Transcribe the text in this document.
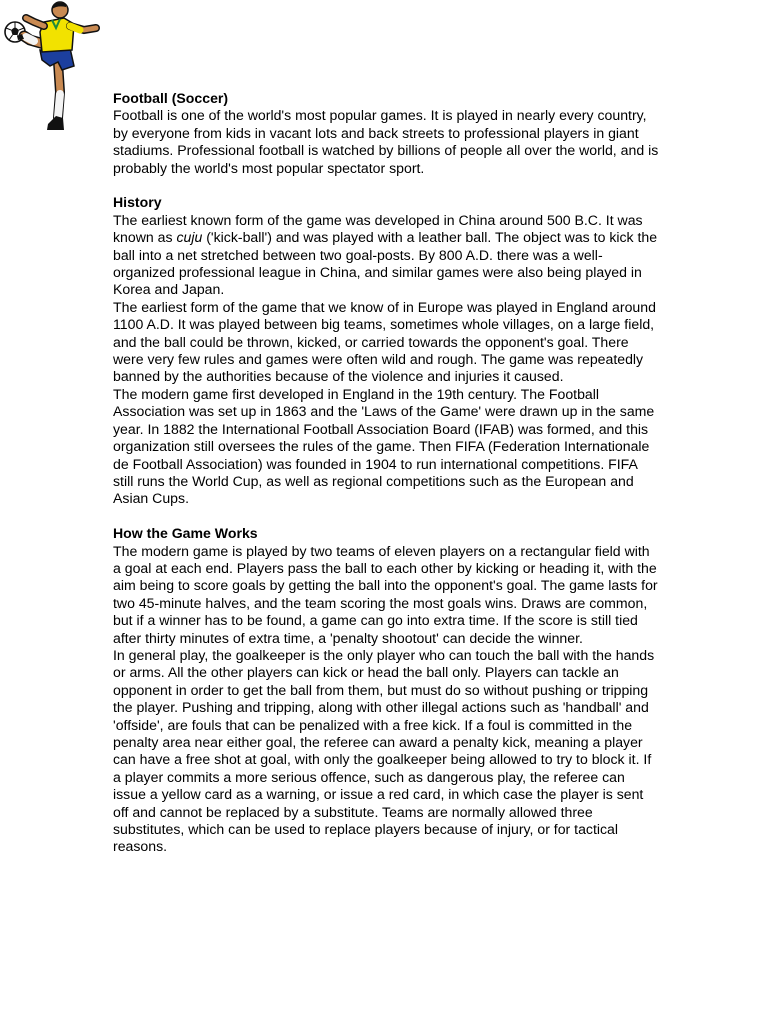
Football (Soccer)

Football is one of the world's most popular games. It is played in nearly every country, by everyone from kids in vacant lots and back streets to professional players in giant stadiums. Professional football is watched by billions of people all over the world, and is probably the world's most popular spectator sport.

History

The earliest known form of the game was developed in China around 500 B.C. It was known as cuju ('kick-ball') and was played with a leather ball. The object was to kick the ball into a net stretched between two goal-posts. By 800 A.D. there was a well-organized professional league in China, and similar games were also being played in Korea and Japan.

The earliest form of the game that we know of in Europe was played in England around 1100 A.D. It was played between big teams, sometimes whole villages, on a large field, and the ball could be thrown, kicked, or carried towards the opponent's goal. There were very few rules and games were often wild and rough. The game was repeatedly banned by the authorities because of the violence and injuries it caused.

The modern game first developed in England in the 19th century. The Football Association was set up in 1863 and the 'Laws of the Game' were drawn up in the same year. In 1882 the International Football Association Board (IFAB) was formed, and this organization still oversees the rules of the game. Then FIFA (Federation Internationale de Football Association) was founded in 1904 to run international competitions. FIFA still runs the World Cup, as well as regional competitions such as the European and Asian Cups.

How the Game Works

The modern game is played by two teams of eleven players on a rectangular field with a goal at each end. Players pass the ball to each other by kicking or heading it, with the aim being to score goals by getting the ball into the opponent's goal. The game lasts for two 45-minute halves, and the team scoring the most goals wins. Draws are common, but if a winner has to be found, a game can go into extra time. If the score is still tied after thirty minutes of extra time, a 'penalty shootout' can decide the winner.

In general play, the goalkeeper is the only player who can touch the ball with the hands or arms. All the other players can kick or head the ball only. Players can tackle an opponent in order to get the ball from them, but must do so without pushing or tripping the player. Pushing and tripping, along with other illegal actions such as 'handball' and 'offside', are fouls that can be penalized with a free kick. If a foul is committed in the penalty area near either goal, the referee can award a penalty kick, meaning a player can have a free shot at goal, with only the goalkeeper being allowed to try to block it. If a player commits a more serious offence, such as dangerous play, the referee can issue a yellow card as a warning, or issue a red card, in which case the player is sent off and cannot be replaced by a substitute. Teams are normally allowed three substitutes, which can be used to replace players because of injury, or for tactical reasons.
